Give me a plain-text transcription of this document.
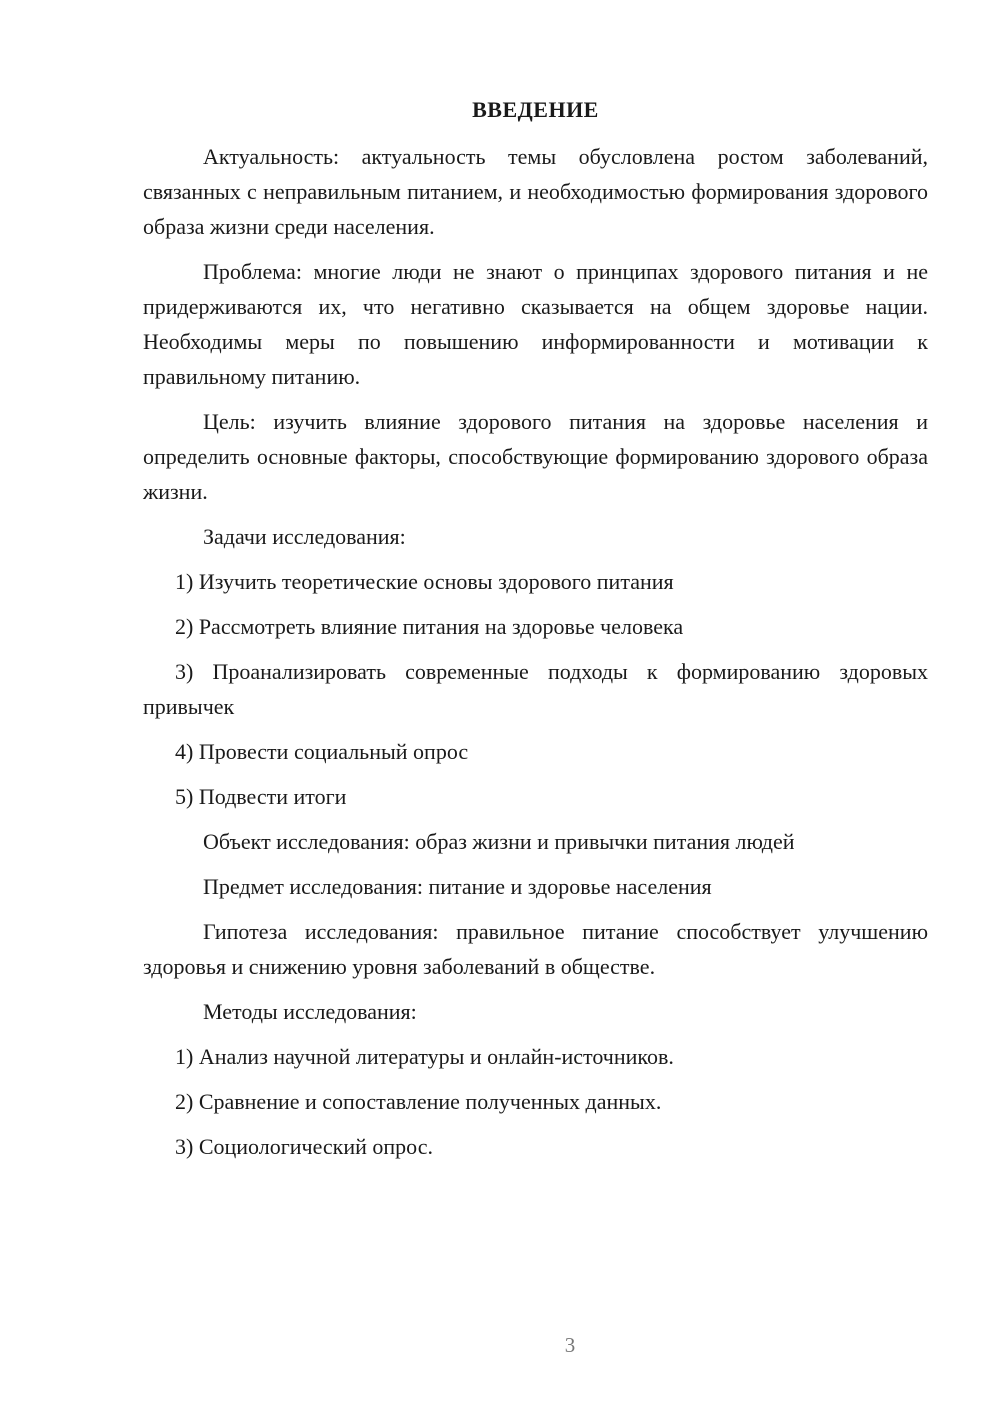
ВВЕДЕНИЕ

Актуальность: актуальность темы обусловлена ростом заболеваний, связанных с неправильным питанием, и необходимостью формирования здорового образа жизни среди населения.

Проблема: многие люди не знают о принципах здорового питания и не придерживаются их, что негативно сказывается на общем здоровье нации. Необходимы меры по повышению информированности и мотивации к правильному питанию.

Цель: изучить влияние здорового питания на здоровье населения и определить основные факторы, способствующие формированию здорового образа жизни.

Задачи исследования:

1) Изучить теоретические основы здорового питания

2) Рассмотреть влияние питания на здоровье человека

3) Проанализировать современные подходы к формированию здоровых привычек

4) Провести социальный опрос

5) Подвести итоги

Объект исследования: образ жизни и привычки питания людей

Предмет исследования: питание и здоровье населения

Гипотеза исследования: правильное питание способствует улучшению здоровья и снижению уровня заболеваний в обществе.

Методы исследования:

1) Анализ научной литературы и онлайн-источников.

2) Сравнение и сопоставление полученных данных.

3) Социологический опрос.

3
